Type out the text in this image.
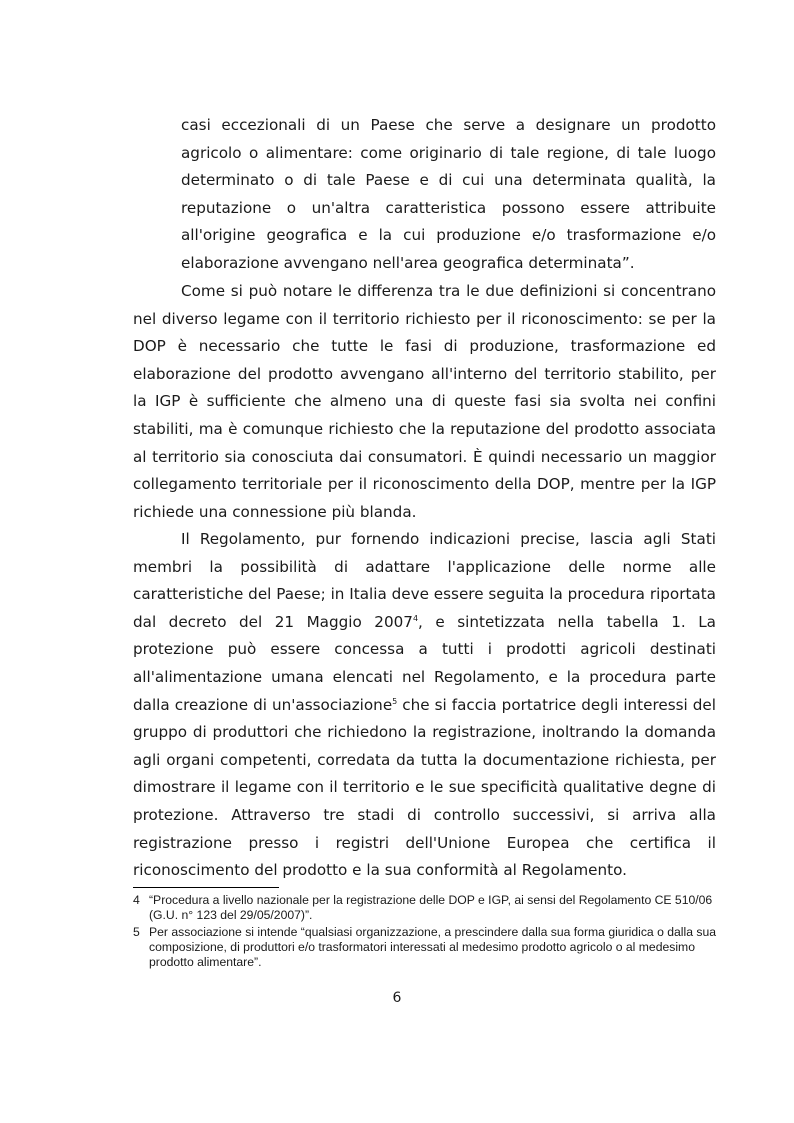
casi eccezionali di un Paese che serve a designare un prodotto agricolo o alimentare: come originario di tale regione, di tale luogo determinato o di tale Paese e di cui una determinata qualità, la reputazione o un'altra caratteristica possono essere attribuite all'origine geografica e la cui produzione e/o trasformazione e/o elaborazione avvengano nell'area geografica determinata”.

Come si può notare le differenza tra le due definizioni si concentrano nel diverso legame con il territorio richiesto per il riconoscimento: se per la DOP è necessario che tutte le fasi di produzione, trasformazione ed elaborazione del prodotto avvengano all'interno del territorio stabilito, per la IGP è sufficiente che almeno una di queste fasi sia svolta nei confini stabiliti, ma è comunque richiesto che la reputazione del prodotto associata al territorio sia conosciuta dai consumatori. È quindi necessario un maggior collegamento territoriale per il riconoscimento della DOP, mentre per la IGP richiede una connessione più blanda.

Il Regolamento, pur fornendo indicazioni precise, lascia agli Stati membri la possibilità di adattare l'applicazione delle norme alle caratteristiche del Paese; in Italia deve essere seguita la procedura riportata dal decreto del 21 Maggio 2007$^4$, e sintetizzata nella tabella 1. La protezione può essere concessa a tutti i prodotti agricoli destinati all'alimentazione umana elencati nel Regolamento, e la procedura parte dalla creazione di un'associazione$^5$ che si faccia portatrice degli interessi del gruppo di produttori che richiedono la registrazione, inoltrando la domanda agli organi competenti, corredata da tutta la documentazione richiesta, per dimostrare il legame con il territorio e le sue specificità qualitative degne di protezione. Attraverso tre stadi di controllo successivi, si arriva alla registrazione presso i registri dell'Unione Europea che certifica il riconoscimento del prodotto e la sua conformità al Regolamento.

4 “Procedura a livello nazionale per la registrazione delle DOP e IGP, ai sensi del Regolamento CE 510/06 (G.U. n° 123 del 29/05/2007)”.
5 Per associazione si intende “qualsiasi organizzazione, a prescindere dalla sua forma giuridica o dalla sua composizione, di produttori e/o trasformatori interessati al medesimo prodotto agricolo o al medesimo prodotto alimentare”.
6
